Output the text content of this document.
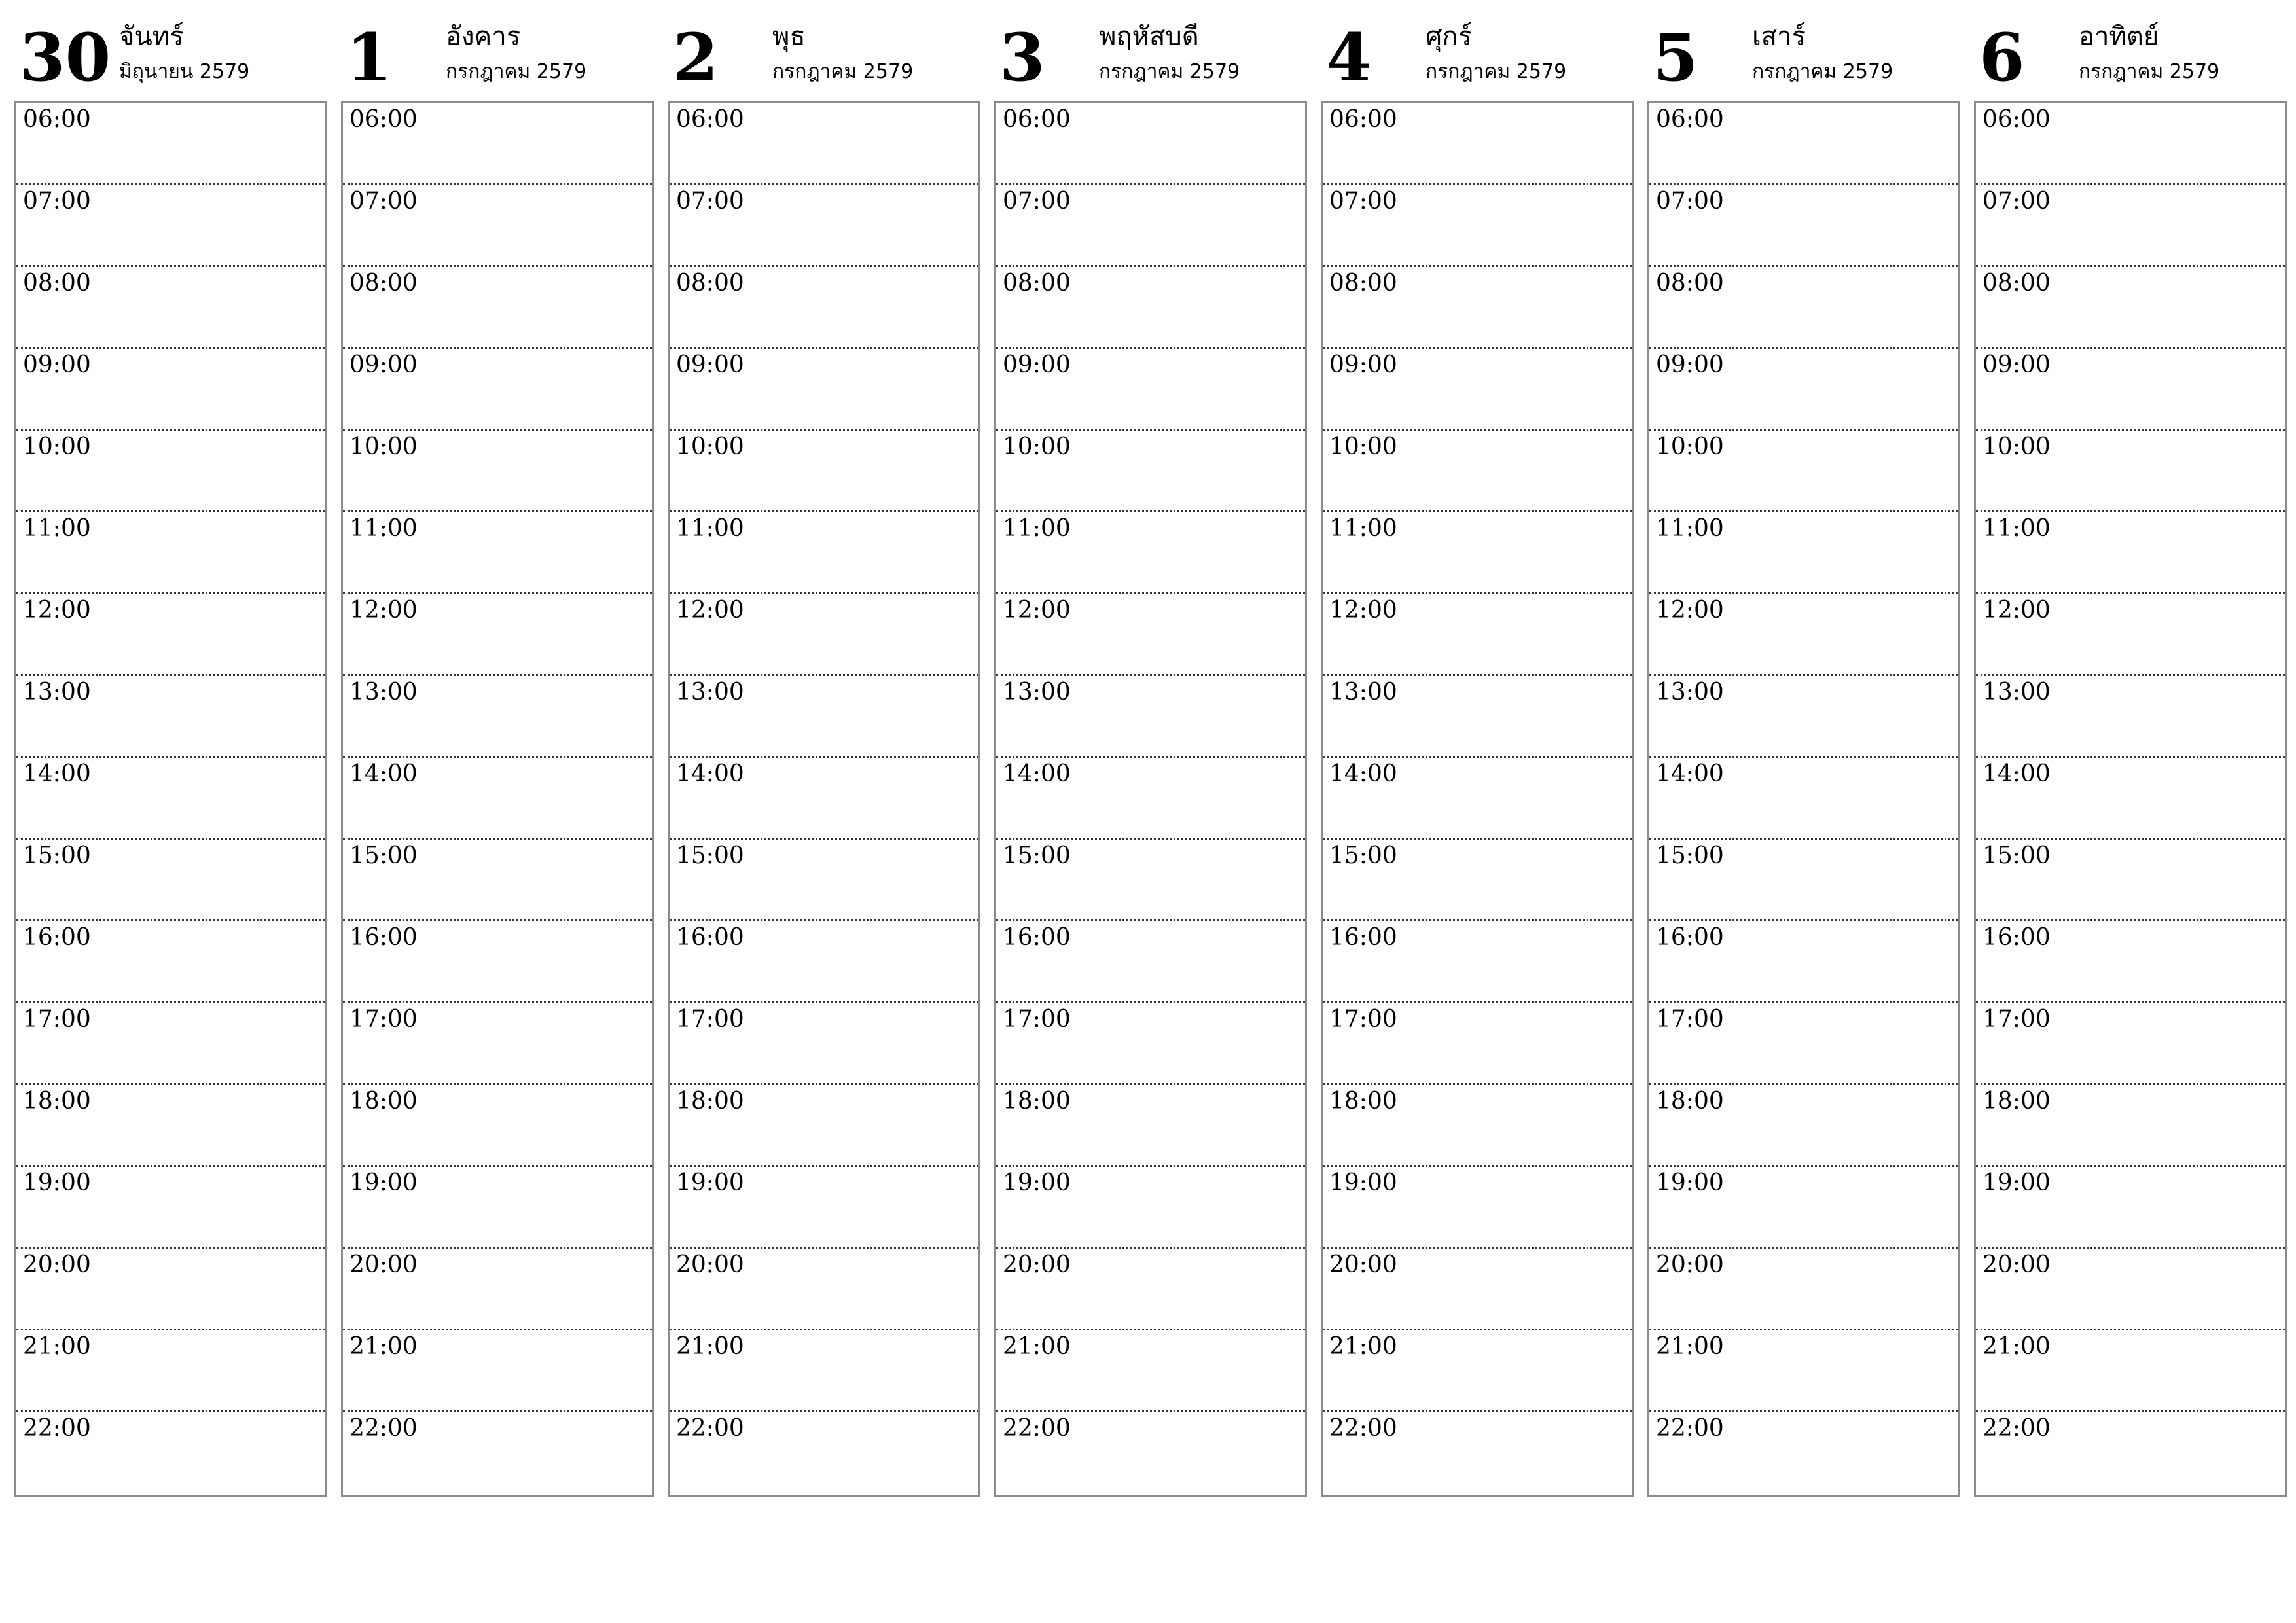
30 จันทร์
มิถุนายน 2579
06:00
07:00
08:00
09:00
10:00
11:00
12:00
13:00
14:00
15:00
16:00
17:00
18:00
19:00
20:00
21:00
22:00
1 อังคาร
กรกฎาคม 2579
06:00
07:00
08:00
09:00
10:00
11:00
12:00
13:00
14:00
15:00
16:00
17:00
18:00
19:00
20:00
21:00
22:00
2 พุธ
กรกฎาคม 2579
06:00
07:00
08:00
09:00
10:00
11:00
12:00
13:00
14:00
15:00
16:00
17:00
18:00
19:00
20:00
21:00
22:00
3 พฤหัสบดี
กรกฎาคม 2579
06:00
07:00
08:00
09:00
10:00
11:00
12:00
13:00
14:00
15:00
16:00
17:00
18:00
19:00
20:00
21:00
22:00
4 ศุกร์
กรกฎาคม 2579
06:00
07:00
08:00
09:00
10:00
11:00
12:00
13:00
14:00
15:00
16:00
17:00
18:00
19:00
20:00
21:00
22:00
5 เสาร์
กรกฎาคม 2579
06:00
07:00
08:00
09:00
10:00
11:00
12:00
13:00
14:00
15:00
16:00
17:00
18:00
19:00
20:00
21:00
22:00
6 อาทิตย์
กรกฎาคม 2579
06:00
07:00
08:00
09:00
10:00
11:00
12:00
13:00
14:00
15:00
16:00
17:00
18:00
19:00
20:00
21:00
22:00
